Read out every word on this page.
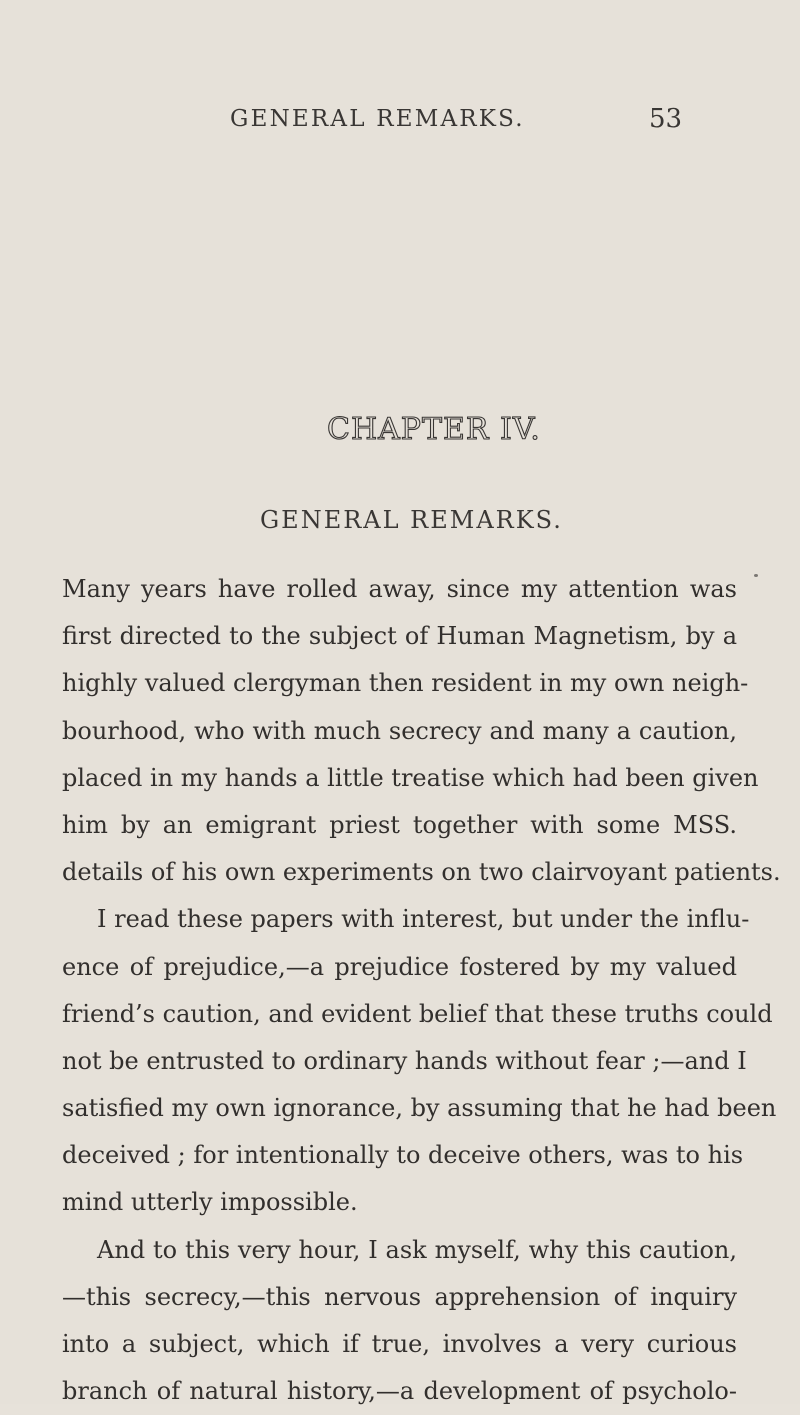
GENERAL REMARKS.	53
CHAPTER IV.
GENERAL REMARKS.
Many years have rolled away, since my attention was
first directed to the subject of Human Magnetism, by a
highly valued clergyman then resident in my own neigh-
bourhood, who with much secrecy and many a caution,
placed in my hands a little treatise which had been given
him by an emigrant priest together with some MSS.
details of his own experiments on two clairvoyant patients.
I read these papers with interest, but under the influ-
ence of prejudice,—a prejudice fostered by my valued
friend’s caution, and evident belief that these truths could
not be entrusted to ordinary hands without fear ;—and I
satisfied my own ignorance, by assuming that he had been
deceived ; for intentionally to deceive others, was to his
mind utterly impossible.
And to this very hour, I ask myself, why this caution,
—this secrecy,—this nervous apprehension of inquiry
into a subject, which if true, involves a very curious
branch of natural history,—a development of psycholo-
